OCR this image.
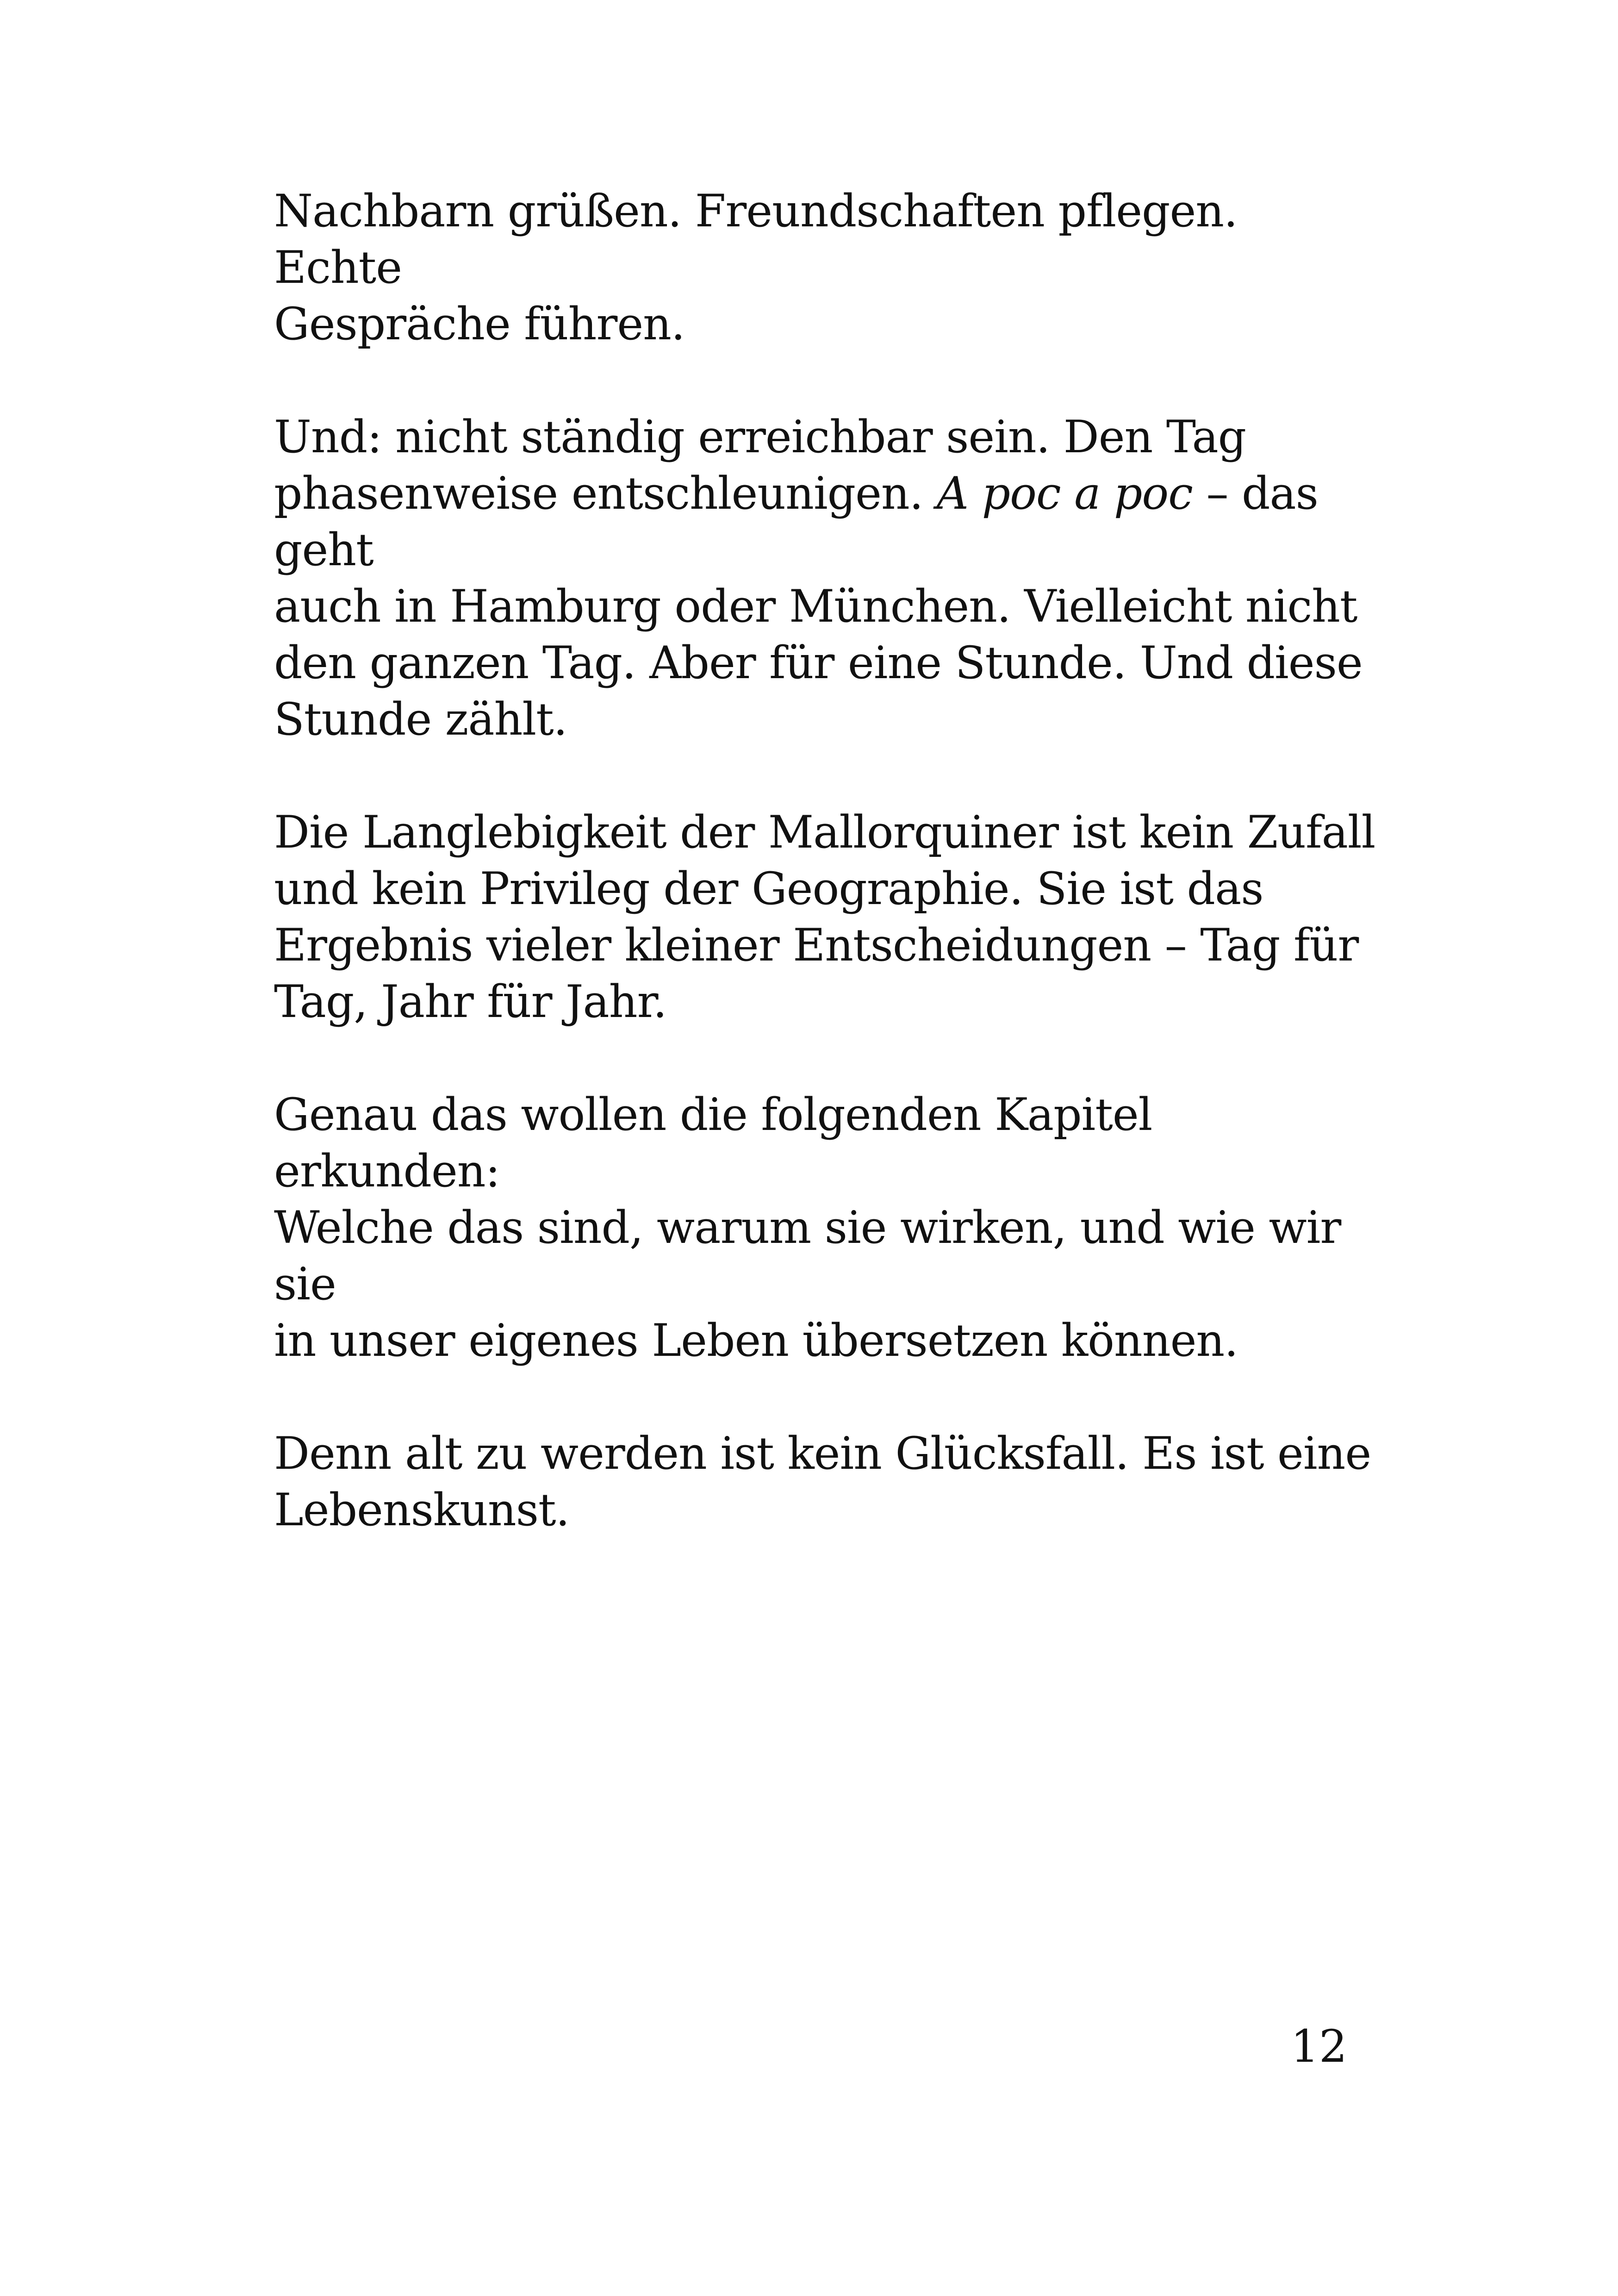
Nachbarn grüßen. Freundschaften pflegen. Echte
Gespräche führen.

Und: nicht ständig erreichbar sein. Den Tag
phasenweise entschleunigen. A poc a poc – das geht
auch in Hamburg oder München. Vielleicht nicht
den ganzen Tag. Aber für eine Stunde. Und diese
Stunde zählt.

Die Langlebigkeit der Mallorquiner ist kein Zufall
und kein Privileg der Geographie. Sie ist das
Ergebnis vieler kleiner Entscheidungen – Tag für
Tag, Jahr für Jahr.

Genau das wollen die folgenden Kapitel erkunden:
Welche das sind, warum sie wirken, und wie wir sie
in unser eigenes Leben übersetzen können.

Denn alt zu werden ist kein Glücksfall. Es ist eine
Lebenskunst.

12
